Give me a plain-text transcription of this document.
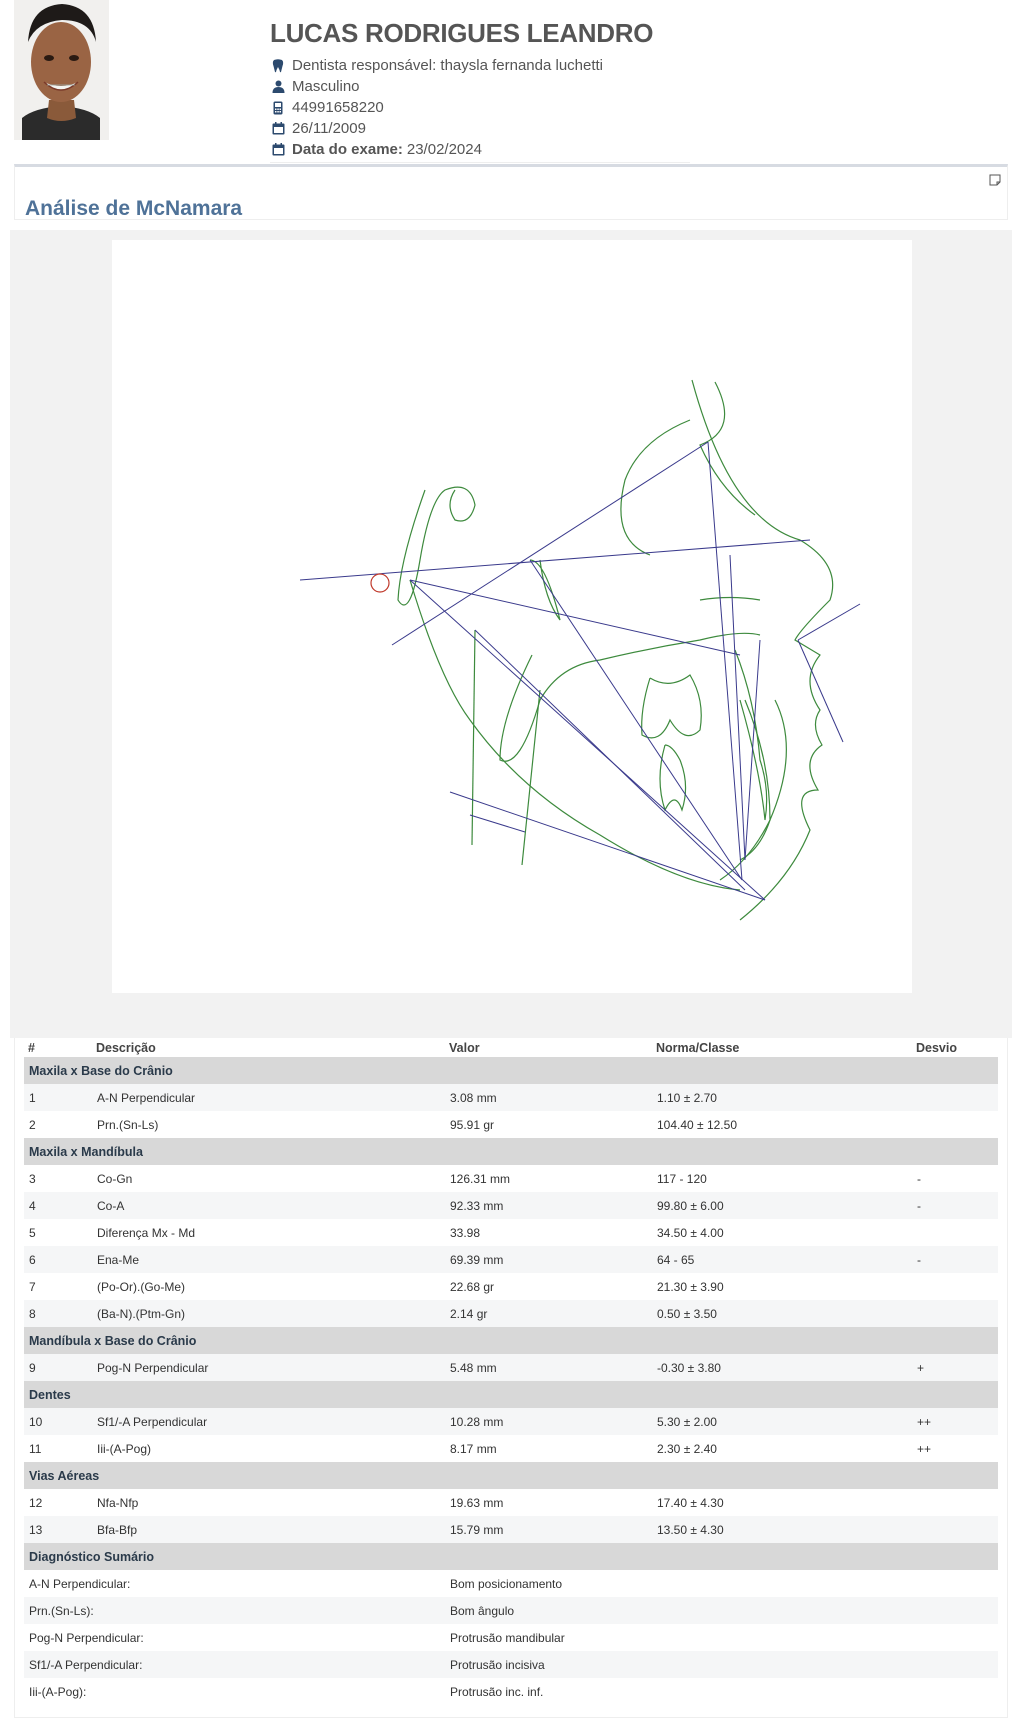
LUCAS RODRIGUES LEANDRO
Dentista responsável: thaysla fernanda luchetti
Masculino
44991658220
26/11/2009
Data do exame: 23/02/2024
Análise de McNamara
#	Descrição	Valor	Norma/Classe	Desvio
Maxila x Base do Crânio				
1	A-N Perpendicular	3.08 mm	1.10 ± 2.70	
2	Prn.(Sn-Ls)	95.91 gr	104.40 ± 12.50	
Maxila x Mandíbula				
3	Co-Gn	126.31 mm	117 - 120	-
4	Co-A	92.33 mm	99.80 ± 6.00	-
5	Diferença Mx - Md	33.98	34.50 ± 4.00	
6	Ena-Me	69.39 mm	64 - 65	-
7	(Po-Or).(Go-Me)	22.68 gr	21.30 ± 3.90	
8	(Ba-N).(Ptm-Gn)	2.14 gr	0.50 ± 3.50	
Mandíbula x Base do Crânio				
9	Pog-N Perpendicular	5.48 mm	-0.30 ± 3.80	+
Dentes				
10	Sf1/-A Perpendicular	10.28 mm	5.30 ± 2.00	++
11	Iii-(A-Pog)	8.17 mm	2.30 ± 2.40	++
Vias Aéreas				
12	Nfa-Nfp	19.63 mm	17.40 ± 4.30	
13	Bfa-Bfp	15.79 mm	13.50 ± 4.30	
Diagnóstico Sumário				
A-N Perpendicular:		Bom posicionamento		
Prn.(Sn-Ls):		Bom ângulo		
Pog-N Perpendicular:		Protrusão mandibular		
Sf1/-A Perpendicular:		Protrusão incisiva		
Iii-(A-Pog):		Protrusão inc. inf.		
